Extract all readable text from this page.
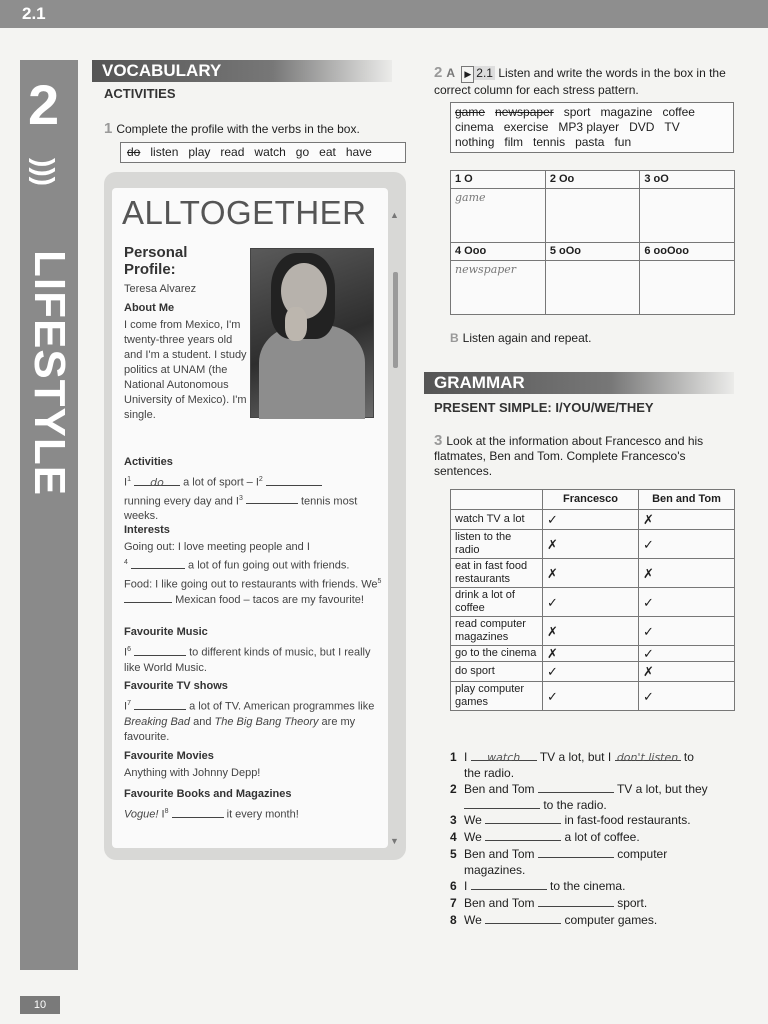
2.1
2
)))
LIFESTYLE
10
VOCABULARY
ACTIVITIES
1 Complete the profile with the verbs in the box.
do listen play read watch go eat have
ALLTOGETHER
Personal Profile:
Teresa Alvarez
About Me
I come from Mexico, I'm twenty-three years old and I'm a student. I study politics at UNAM (the National Autonomous University of Mexico). I'm single.
Activities
$I^1$ do a lot of sport – $I^2$
running every day and $I^3$	tennis most weeks.
Interests
Going out: I love meeting people and I
$^4$	a lot of fun going out with friends.
Food: I like going out to restaurants with friends. We$^5$  Mexican food – tacos are my favourite!
Favourite Music
$I^6$	to different kinds of music, but I really like World Music.
Favourite TV shows
$I^7$	a lot of TV. American programmes like Breaking Bad and The Big Bang Theory are my favourite.
Favourite Movies
Anything with Johnny Depp!
Favourite Books and Magazines
Vogue! $I^8$	it every month!
▲
▼
2 A ▶ 2.1 Listen and write the words in the box in the correct column for each stress pattern.
game newspaper sport magazine coffee
cinema exercise MP3 player DVD TV
nothing film tennis pasta fun
1 O	2 Oo	3 oO
game		
4 Ooo	5 oOo	6 ooOoo
newspaper		
B Listen again and repeat.
GRAMMAR
PRESENT SIMPLE: I/YOU/WE/THEY
3 Look at the information about Francesco and his flatmates, Ben and Tom. Complete Francesco's sentences.
	Francesco	Ben and Tom
watch TV a lot	✓	✗
listen to the radio	✗	✓
eat in fast food restaurants	✗	✗
drink a lot of coffee	✓	✓
read computer magazines	✗	✓
go to the cinema	✗	✓
do sport	✓	✗
play computer games	✓	✓
1 I watch TV a lot, but I don't listen to
the radio.
2 Ben and Tom	TV a lot, but they
to the radio.
3 We	in fast-food restaurants.
4 We	a lot of coffee.
5 Ben and Tom	computer
magazines.
6 I	to the cinema.
7 Ben and Tom	sport.
8 We	computer games.
